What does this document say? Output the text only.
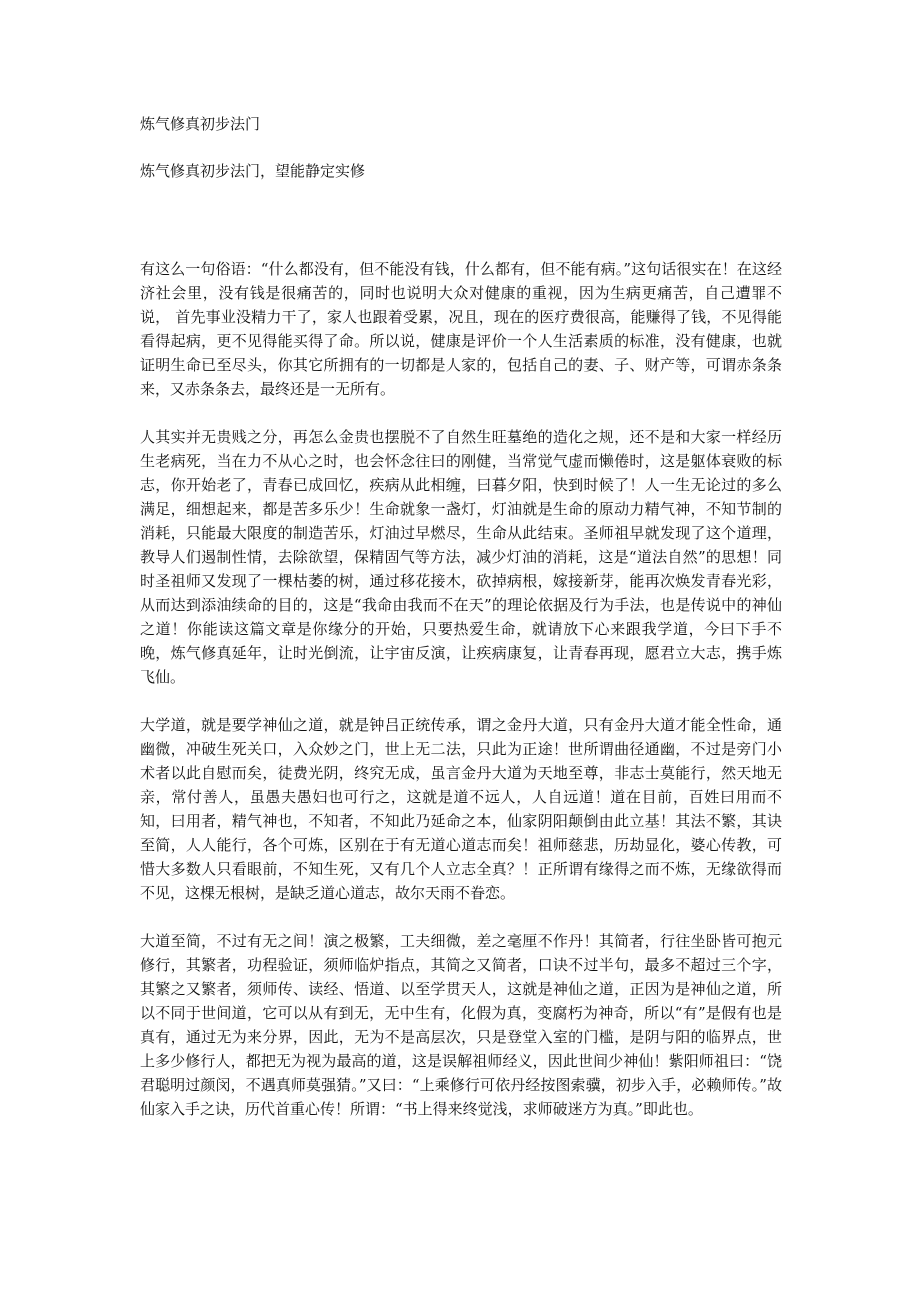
炼气修真初步法门
炼气修真初步法门，望能静定实修

有这么一句俗语：“什么都没有，但不能没有钱，什么都有，但不能有病。”这句话很实在！在这经济社会里，没有钱是很痛苦的，同时也说明大众对健康的重视，因为生病更痛苦，自己遭罪不说， 首先事业没精力干了，家人也跟着受累，况且，现在的医疗费很高，能赚得了钱，不见得能看得起病，更不见得能买得了命。所以说，健康是评价一个人生活素质的标准，没有健康，也就证明生命已至尽头，你其它所拥有的一切都是人家的，包括自己的妻、子、财产等，可谓赤条条来，又赤条条去，最终还是一无所有。

人其实并无贵贱之分，再怎么金贵也摆脱不了自然生旺墓绝的造化之规，还不是和大家一样经历生老病死，当在力不从心之时，也会怀念往曰的刚健，当常觉气虚而懒倦时，这是躯体衰败的标志，你开始老了，青春已成回忆，疾病从此相缠，曰暮夕阳，快到时候了！人一生无论过的多么满足，细想起来，都是苦多乐少！生命就象一盏灯，灯油就是生命的原动力精气神，不知节制的消耗，只能最大限度的制造苦乐，灯油过早燃尽，生命从此结束。圣师祖早就发现了这个道理，教导人们遏制性情，去除欲望，保精固气等方法，减少灯油的消耗，这是“道法自然”的思想！同时圣祖师又发现了一棵枯萎的树，通过移花接木，砍掉病根，嫁接新芽，能再次焕发青春光彩，从而达到添油续命的目的，这是“我命由我而不在天”的理论依据及行为手法，也是传说中的神仙之道！你能读这篇文章是你缘分的开始，只要热爱生命，就请放下心来跟我学道，今曰下手不晚，炼气修真延年，让时光倒流，让宇宙反演，让疾病康复，让青春再现，愿君立大志，携手炼飞仙。

大学道，就是要学神仙之道，就是钟吕正统传承，谓之金丹大道，只有金丹大道才能全性命，通幽微，冲破生死关口，入众妙之门，世上无二法，只此为正途！世所谓曲径通幽，不过是旁门小术者以此自慰而矣，徒费光阴，终究无成，虽言金丹大道为天地至尊，非志士莫能行，然天地无亲，常付善人，虽愚夫愚妇也可行之，这就是道不远人，人自远道！道在目前，百姓曰用而不知，曰用者，精气神也，不知者，不知此乃延命之本，仙家阴阳颠倒由此立基！其法不繁，其诀至简，人人能行，各个可炼，区别在于有无道心道志而矣！祖师慈悲，历劫显化，婆心传教，可惜大多数人只看眼前，不知生死，又有几个人立志全真？！正所谓有缘得之而不炼，无缘欲得而不见，这棵无根树，是缺乏道心道志，故尔天雨不眷恋。

大道至简，不过有无之间！演之极繁，工夫细微，差之毫厘不作丹！其简者，行往坐卧皆可抱元修行，其繁者，功程验证，须师临炉指点，其简之又简者，口诀不过半句，最多不超过三个字，其繁之又繁者，须师传、读经、悟道、以至学贯天人，这就是神仙之道，正因为是神仙之道，所以不同于世间道，它可以从有到无，无中生有，化假为真，变腐朽为神奇，所以“有”是假有也是真有，通过无为来分界，因此，无为不是高层次，只是登堂入室的门槛，是阴与阳的临界点，世上多少修行人，都把无为视为最高的道，这是误解祖师经义，因此世间少神仙！紫阳师祖曰：“饶君聪明过颜闵，不遇真师莫强猜。”又曰：“上乘修行可依丹经按图索骥，初步入手，必赖师传。”故仙家入手之诀，历代首重心传！所谓：“书上得来终觉浅，求师破迷方为真。”即此也。
